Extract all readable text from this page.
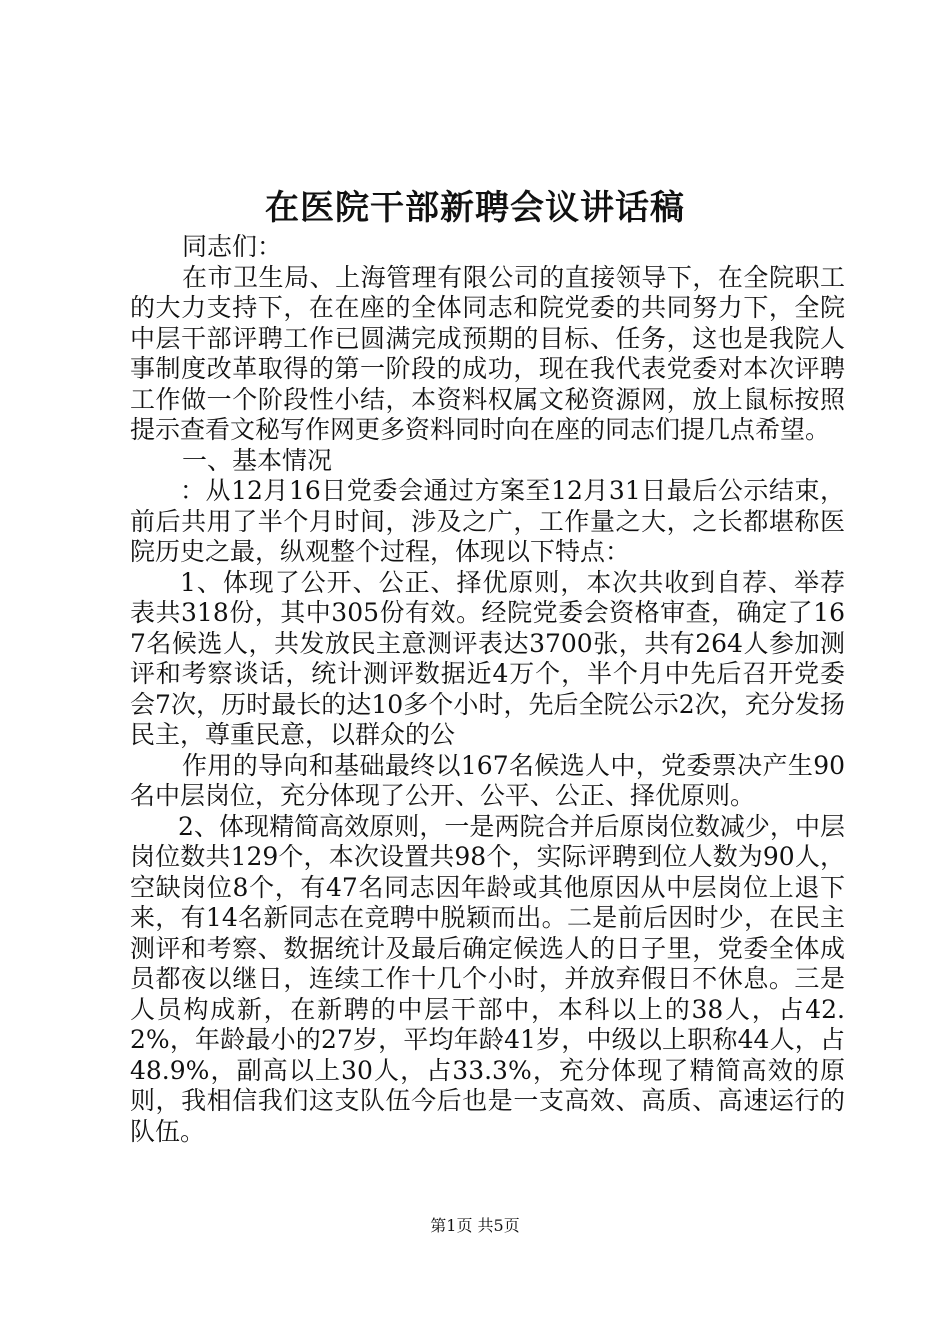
在医院干部新聘会议讲话稿

同志们：

在市卫生局、上海管理有限公司的直接领导下，在全院职工的大力支持下，在在座的全体同志和院党委的共同努力下，全院中层干部评聘工作已圆满完成预期的目标、任务，这也是我院人事制度改革取得的第一阶段的成功，现在我代表党委对本次评聘工作做一个阶段性小结，本资料权属文秘资源网，放上鼠标按照提示查看文秘写作网更多资料同时向在座的同志们提几点希望。

一、基本情况

：从12月16日党委会通过方案至12月31日最后公示结束，前后共用了半个月时间，涉及之广，工作量之大，之长都堪称医院历史之最，纵观整个过程，体现以下特点：

1、体现了公开、公正、择优原则，本次共收到自荐、举荐表共318份，其中305份有效。经院党委会资格审查，确定了167名候选人，共发放民主意测评表达3700张，共有264人参加测评和考察谈话，统计测评数据近4万个，半个月中先后召开党委会7次，历时最长的达10多个小时，先后全院公示2次，充分发扬民主，尊重民意，以群众的公

作用的导向和基础最终以167名候选人中，党委票决产生90名中层岗位，充分体现了公开、公平、公正、择优原则。

2、体现精简高效原则，一是两院合并后原岗位数减少，中层岗位数共129个，本次设置共98个，实际评聘到位人数为90人，空缺岗位8个，有47名同志因年龄或其他原因从中层岗位上退下来，有14名新同志在竞聘中脱颖而出。二是前后因时少，在民主测评和考察、数据统计及最后确定候选人的日子里，党委全体成员都夜以继日，连续工作十几个小时，并放弃假日不休息。三是人员构成新，在新聘的中层干部中，本科以上的38人，占42.2%，年龄最小的27岁，平均年龄41岁，中级以上职称44人，占48.9%，副高以上30人，占33.3%，充分体现了精简高效的原则，我相信我们这支队伍今后也是一支高效、高质、高速运行的队伍。

第1页 共5页
